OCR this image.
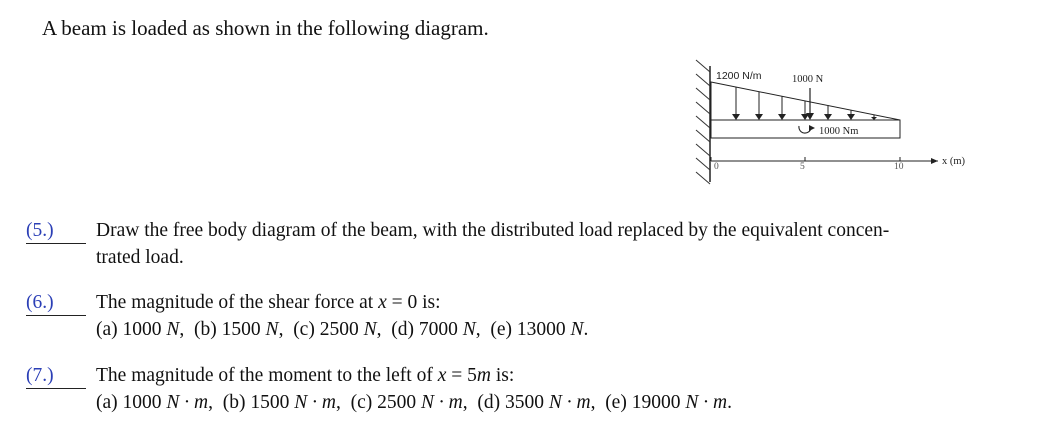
A beam is loaded as shown in the following diagram.
1200 N/m	1000 N
1000 Nm
x (m)
0	5	10
(5.)	Draw the free body diagram of the beam, with the distributed load replaced by the equivalent concen-
trated load.
(6.)	The magnitude of the shear force at x = 0 is:
(a) 1000 N, (b) 1500 N, (c) 2500 N, (d) 7000 N, (e) 13000 N.
(7.)	The magnitude of the moment to the left of x = 5m is:
(a) 1000 N · m, (b) 1500 N · m, (c) 2500 N · m, (d) 3500 N · m, (e) 19000 N · m.
